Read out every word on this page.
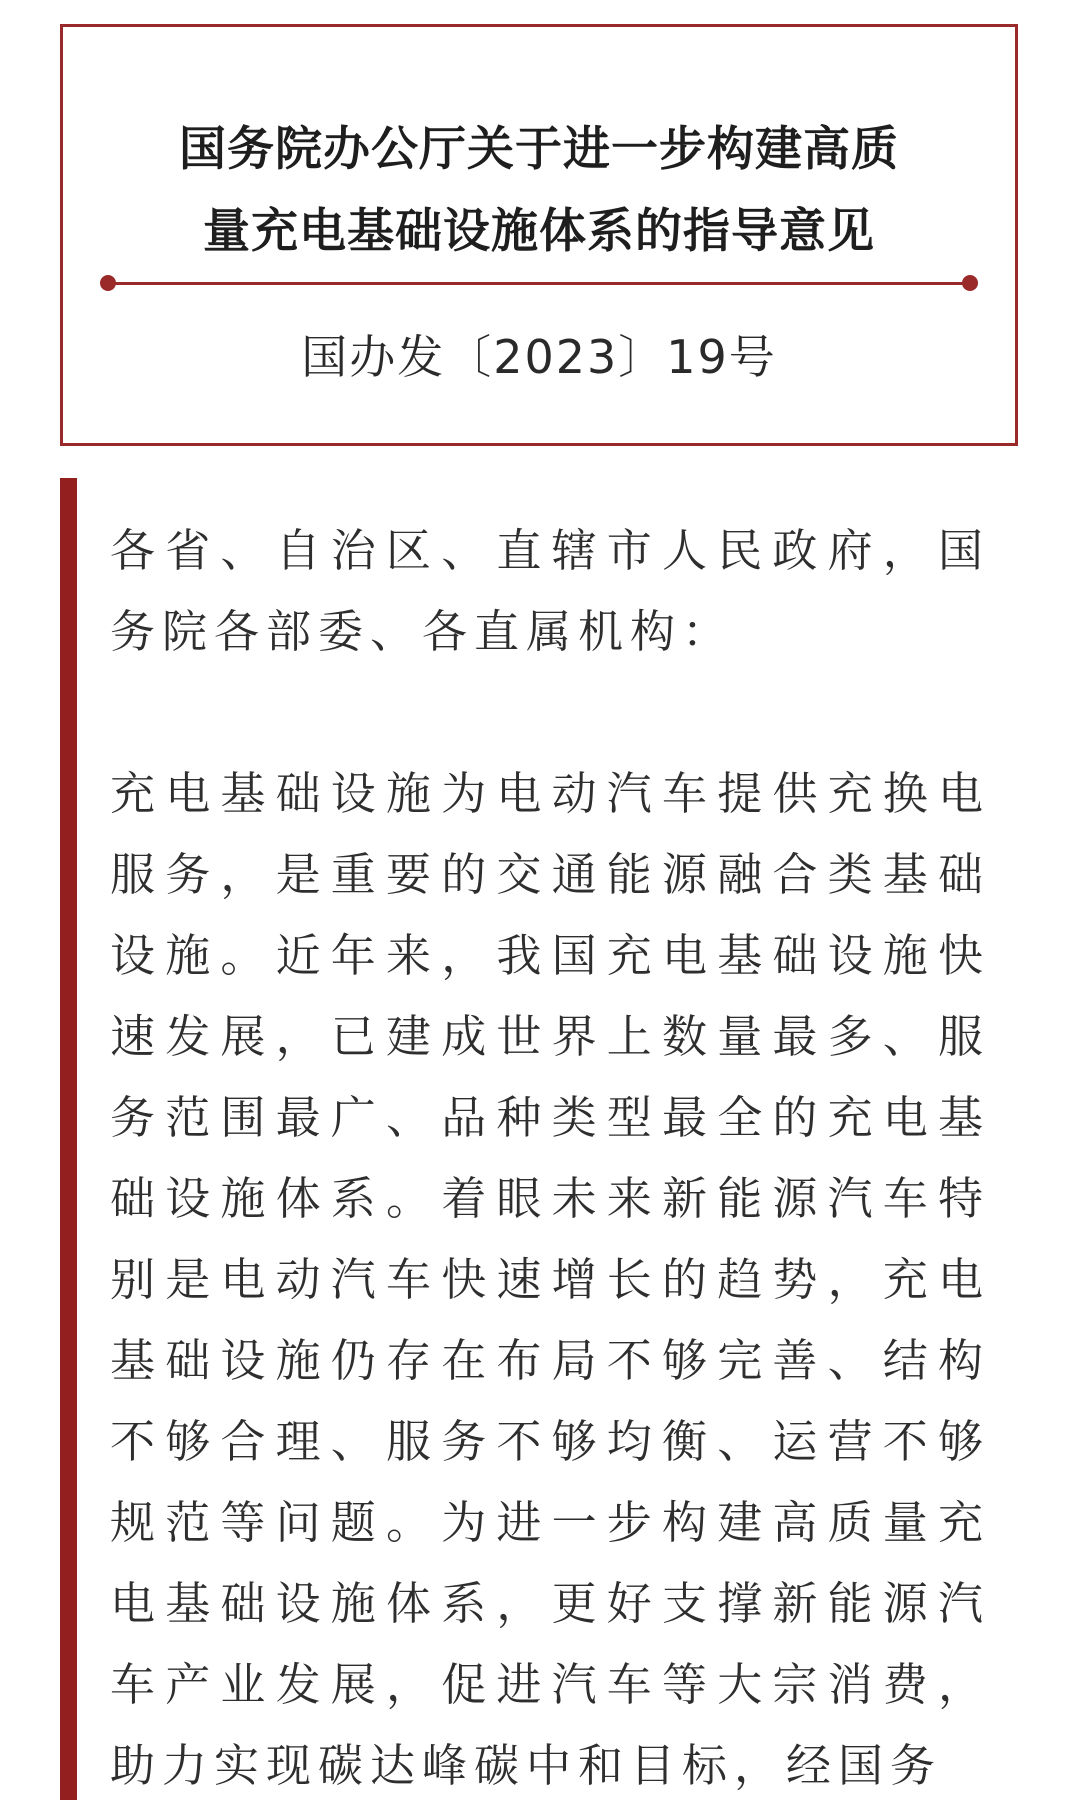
国务院办公厅关于进一步构建高质
量充电基础设施体系的指导意见
国办发〔2023〕19号

各省、自治区、直辖市人民政府，国务院各部委、各直属机构：

充电基础设施为电动汽车提供充换电服务，是重要的交通能源融合类基础设施。近年来，我国充电基础设施快速发展，已建成世界上数量最多、服务范围最广、品种类型最全的充电基础设施体系。着眼未来新能源汽车特别是电动汽车快速增长的趋势，充电基础设施仍存在布局不够完善、结构不够合理、服务不够均衡、运营不够规范等问题。为进一步构建高质量充电基础设施体系，更好支撑新能源汽车产业发展，促进汽车等大宗消费，助力实现碳达峰碳中和目标，经国务
